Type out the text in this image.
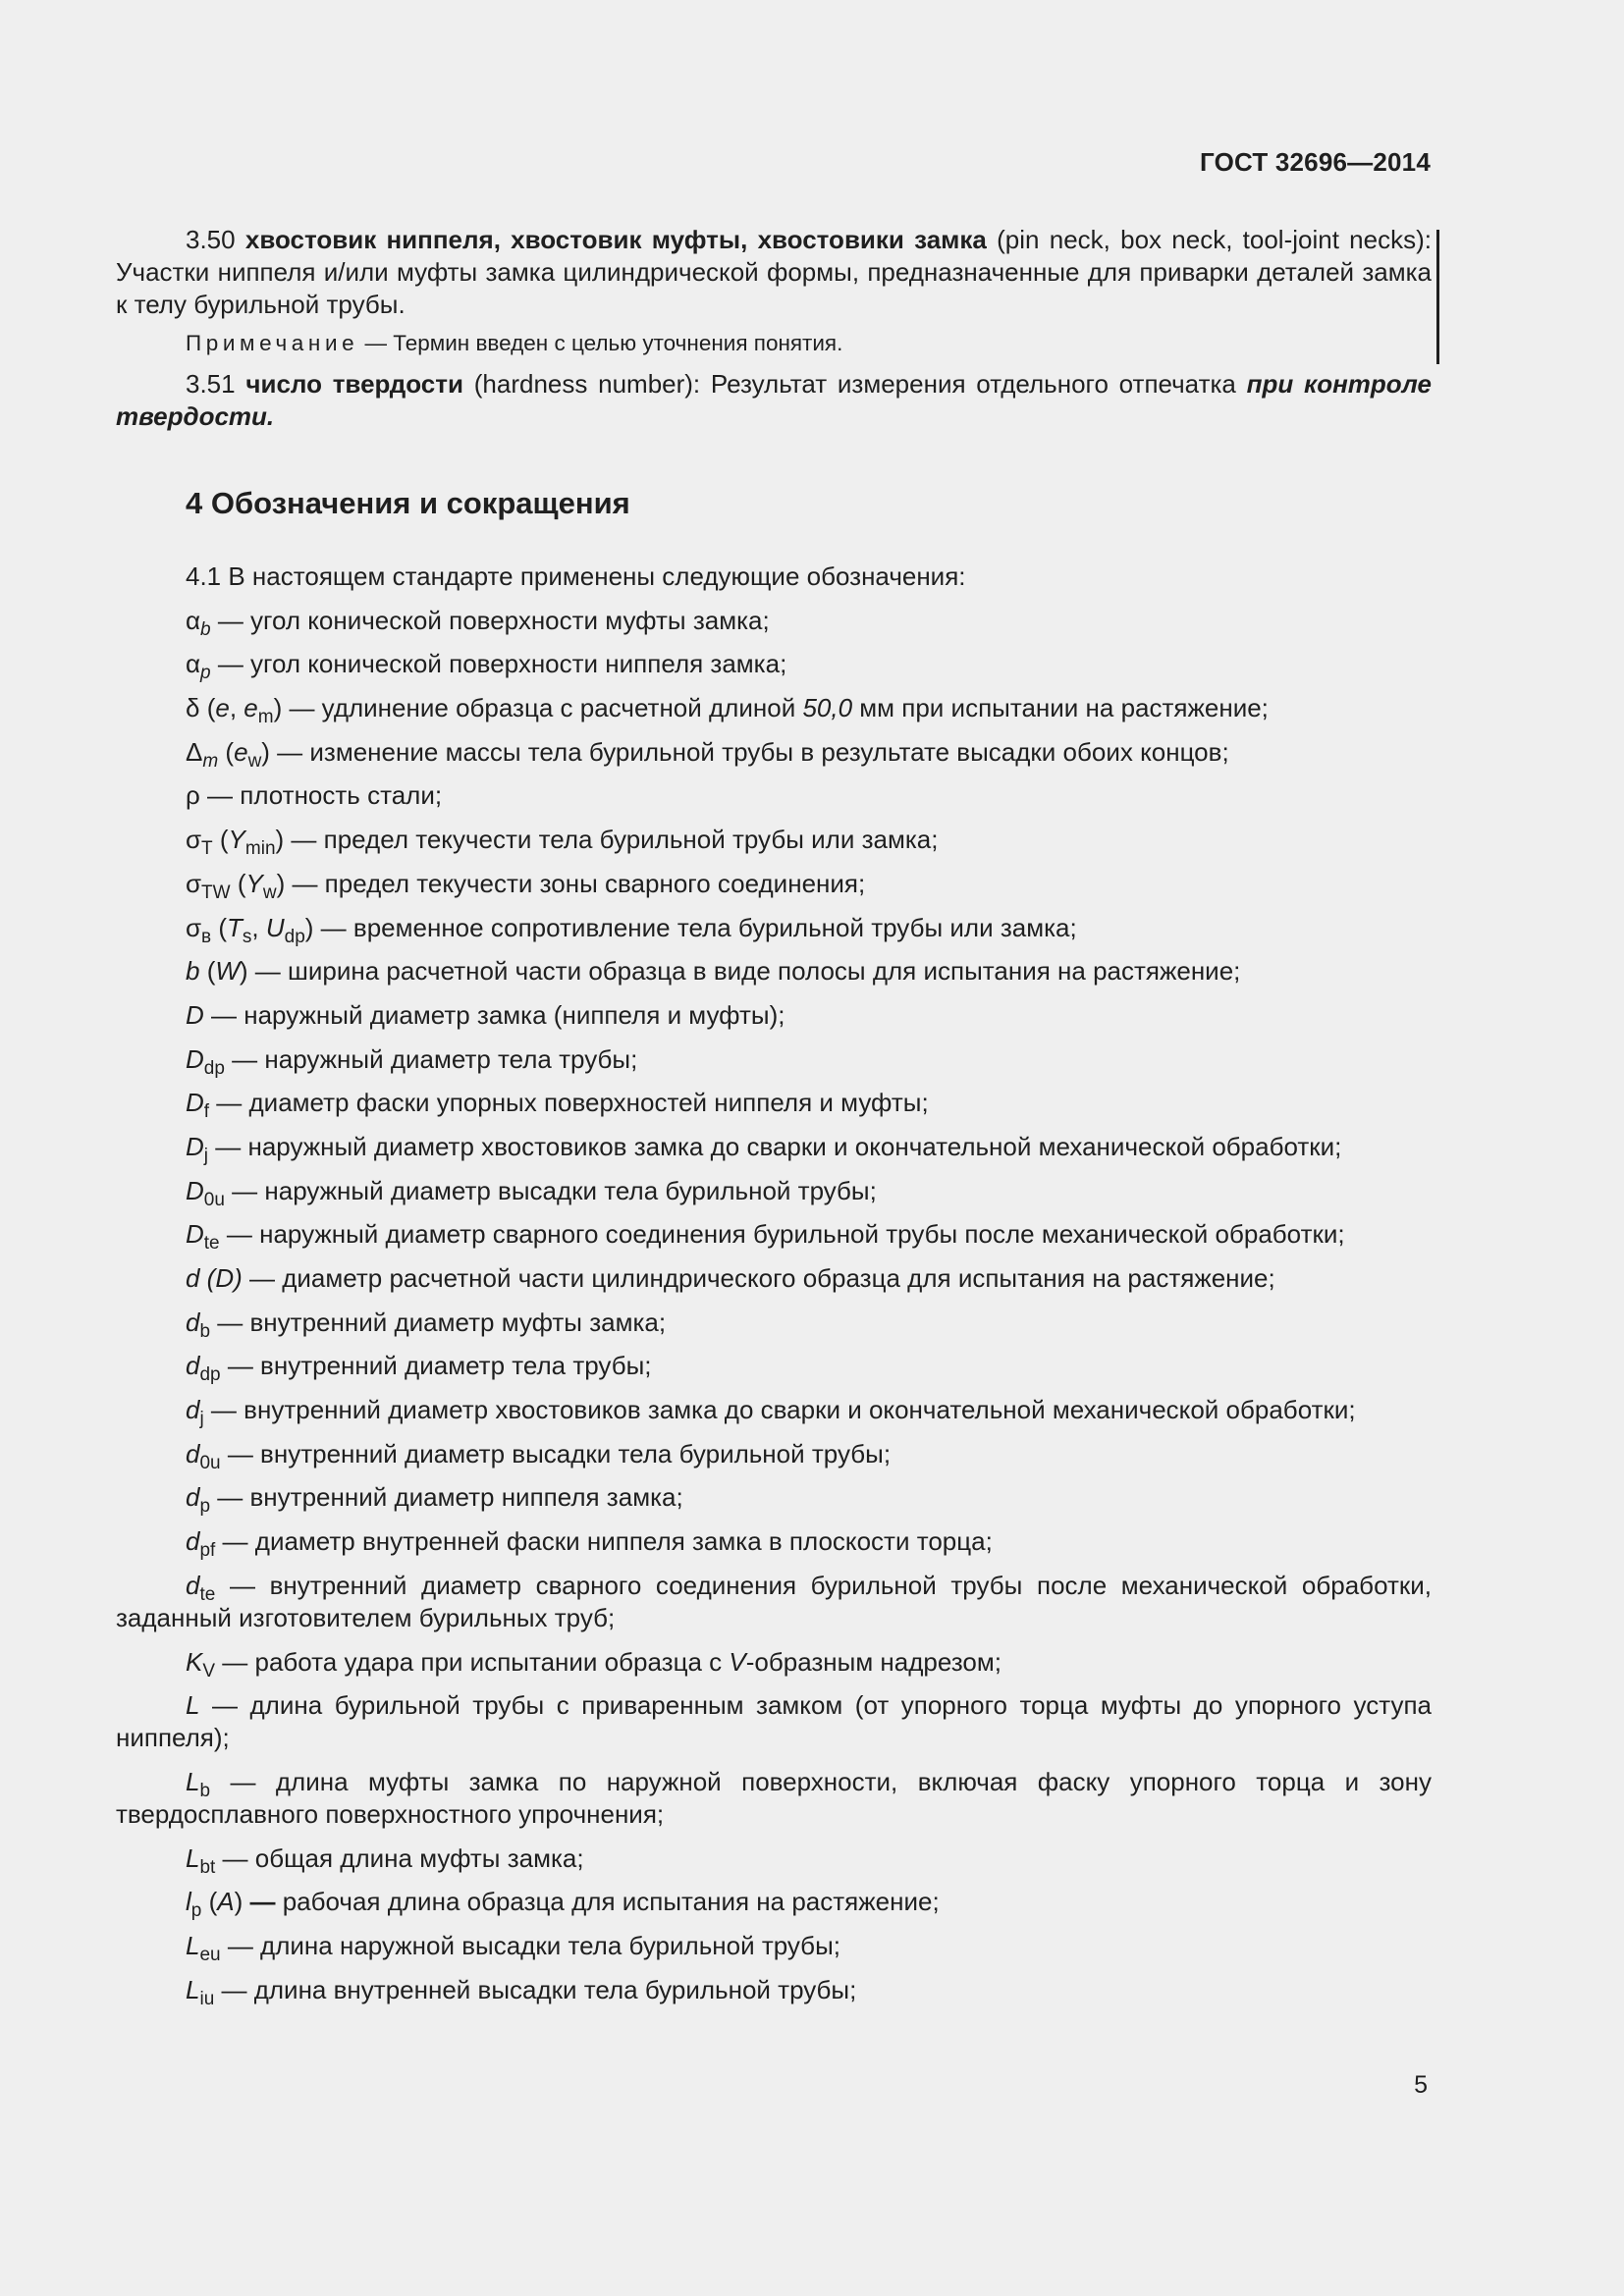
ГОСТ 32696—2014

3.50 хвостовик ниппеля, хвостовик муфты, хвостовики замка (pin neck, box neck, tool-joint necks): Участки ниппеля и/или муфты замка цилиндрической формы, предназначенные для приварки деталей замка к телу бурильной трубы.

Примечание — Термин введен с целью уточнения понятия.

3.51 число твердости (hardness number): Результат измерения отдельного отпечатка при контроле твердости.

4 Обозначения и сокращения

4.1 В настоящем стандарте применены следующие обозначения:

$\alpha_b$ — угол конической поверхности муфты замка;

$\alpha_p$ — угол конической поверхности ниппеля замка;

δ (e, $e_m$) — удлинение образца с расчетной длиной 50,0 мм при испытании на растяжение;

$\Delta_m$ $(e_w)$ — изменение массы тела бурильной трубы в результате высадки обоих концов;

ρ — плотность стали;

$\sigma_T$ $(Y_{min})$ — предел текучести тела бурильной трубы или замка;

$\sigma_{TW}$ $(Y_w)$ — предел текучести зоны сварного соединения;

$\sigma_в$ ($T_s$, $U_{dp}$) — временное сопротивление тела бурильной трубы или замка;

b (W) — ширина расчетной части образца в виде полосы для испытания на растяжение;

D — наружный диаметр замка (ниппеля и муфты);

$D_{dp}$ — наружный диаметр тела трубы;

$D_f$ — диаметр фаски упорных поверхностей ниппеля и муфты;

$D_j$ — наружный диаметр хвостовиков замка до сварки и окончательной механической обработки;

$D_{0u}$ — наружный диаметр высадки тела бурильной трубы;

$D_{te}$ — наружный диаметр сварного соединения бурильной трубы после механической обработки;

d (D) — диаметр расчетной части цилиндрического образца для испытания на растяжение;

$d_b$ — внутренний диаметр муфты замка;

$d_{dp}$ — внутренний диаметр тела трубы;

$d_j$ — внутренний диаметр хвостовиков замка до сварки и окончательной механической обработки;

$d_{0u}$ — внутренний диаметр высадки тела бурильной трубы;

$d_p$ — внутренний диаметр ниппеля замка;

$d_{pf}$ — диаметр внутренней фаски ниппеля замка в плоскости торца;

$d_{te}$ — внутренний диаметр сварного соединения бурильной трубы после механической обработки, заданный изготовителем бурильных труб;

$K_V$ — работа удара при испытании образца с V-образным надрезом;

L — длина бурильной трубы с приваренным замком (от упорного торца муфты до упорного уступа ниппеля);

$L_b$ — длина муфты замка по наружной поверхности, включая фаску упорного торца и зону твердосплавного поверхностного упрочнения;

$L_{bt}$ — общая длина муфты замка;

$l_p$ (A) — рабочая длина образца для испытания на растяжение;

$L_{eu}$ — длина наружной высадки тела бурильной трубы;

$L_{iu}$ — длина внутренней высадки тела бурильной трубы;

5
